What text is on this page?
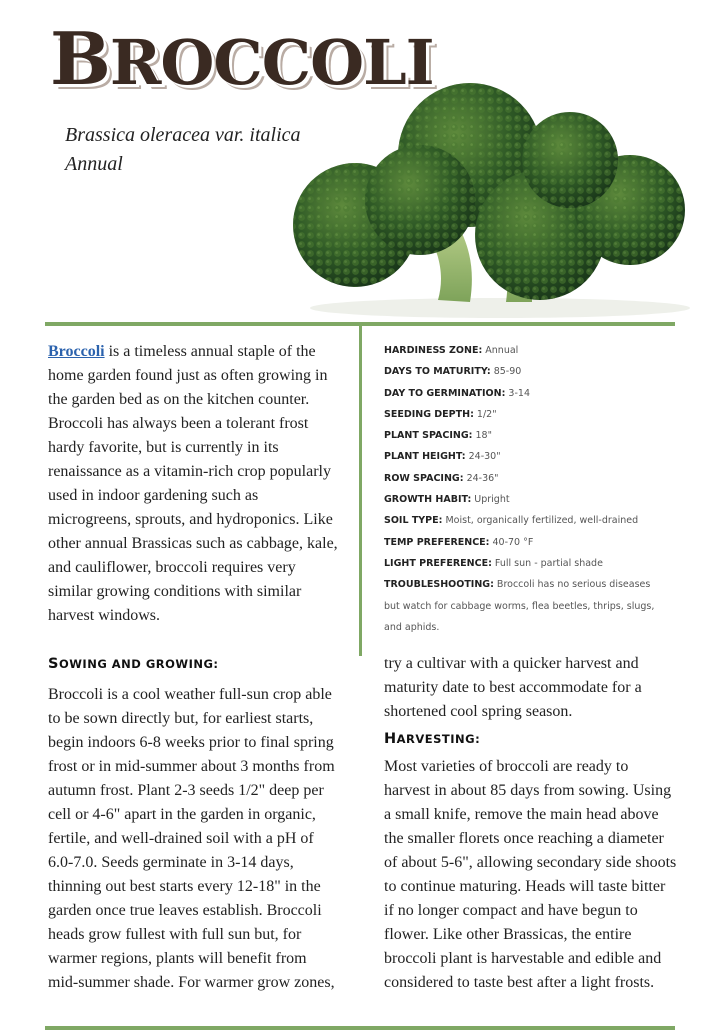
BROCCOLI
Brassica oleracea var. italica
Annual

Broccoli is a timeless annual staple of the home garden found just as often growing in the garden bed as on the kitchen counter. Broccoli has always been a tolerant frost hardy favorite, but is currently in its renaissance as a vitamin-rich crop popularly used in indoor gardening such as microgreens, sprouts, and hydroponics. Like other annual Brassicas such as cabbage, kale, and cauliflower, broccoli requires very similar growing conditions with similar harvest windows.

HARDINESS ZONE: Annual
DAYS TO MATURITY: 85-90
DAY TO GERMINATION: 3-14
SEEDING DEPTH: 1/2"
PLANT SPACING: 18"
PLANT HEIGHT: 24-30"
ROW SPACING: 24-36"
GROWTH HABIT: Upright
SOIL TYPE: Moist, organically fertilized, well-drained
TEMP PREFERENCE: 40-70 °F
LIGHT PREFERENCE: Full sun - partial shade
TROUBLESHOOTING: Broccoli has no serious diseases
but watch for cabbage worms, flea beetles, thrips, slugs,
and aphids.
SOWING AND GROWING:

Broccoli is a cool weather full-sun crop able to be sown directly but, for earliest starts, begin indoors 6-8 weeks prior to final spring frost or in mid-summer about 3 months from autumn frost. Plant 2-3 seeds 1/2" deep per cell or 4-6" apart in the garden in organic, fertile, and well-drained soil with a pH of 6.0-7.0. Seeds germinate in 3-14 days, thinning out best starts every 12-18" in the garden once true leaves establish. Broccoli heads grow fullest with full sun but, for warmer regions, plants will benefit from mid-summer shade. For warmer grow zones,

try a cultivar with a quicker harvest and maturity date to best accommodate for a shortened cool spring season.

HARVESTING:

Most varieties of broccoli are ready to harvest in about 85 days from sowing. Using a small knife, remove the main head above the smaller florets once reaching a diameter of about 5-6", allowing secondary side shoots to continue maturing. Heads will taste bitter if no longer compact and have begun to flower. Like other Brassicas, the entire broccoli plant is harvestable and edible and considered to taste best after a light frosts.
